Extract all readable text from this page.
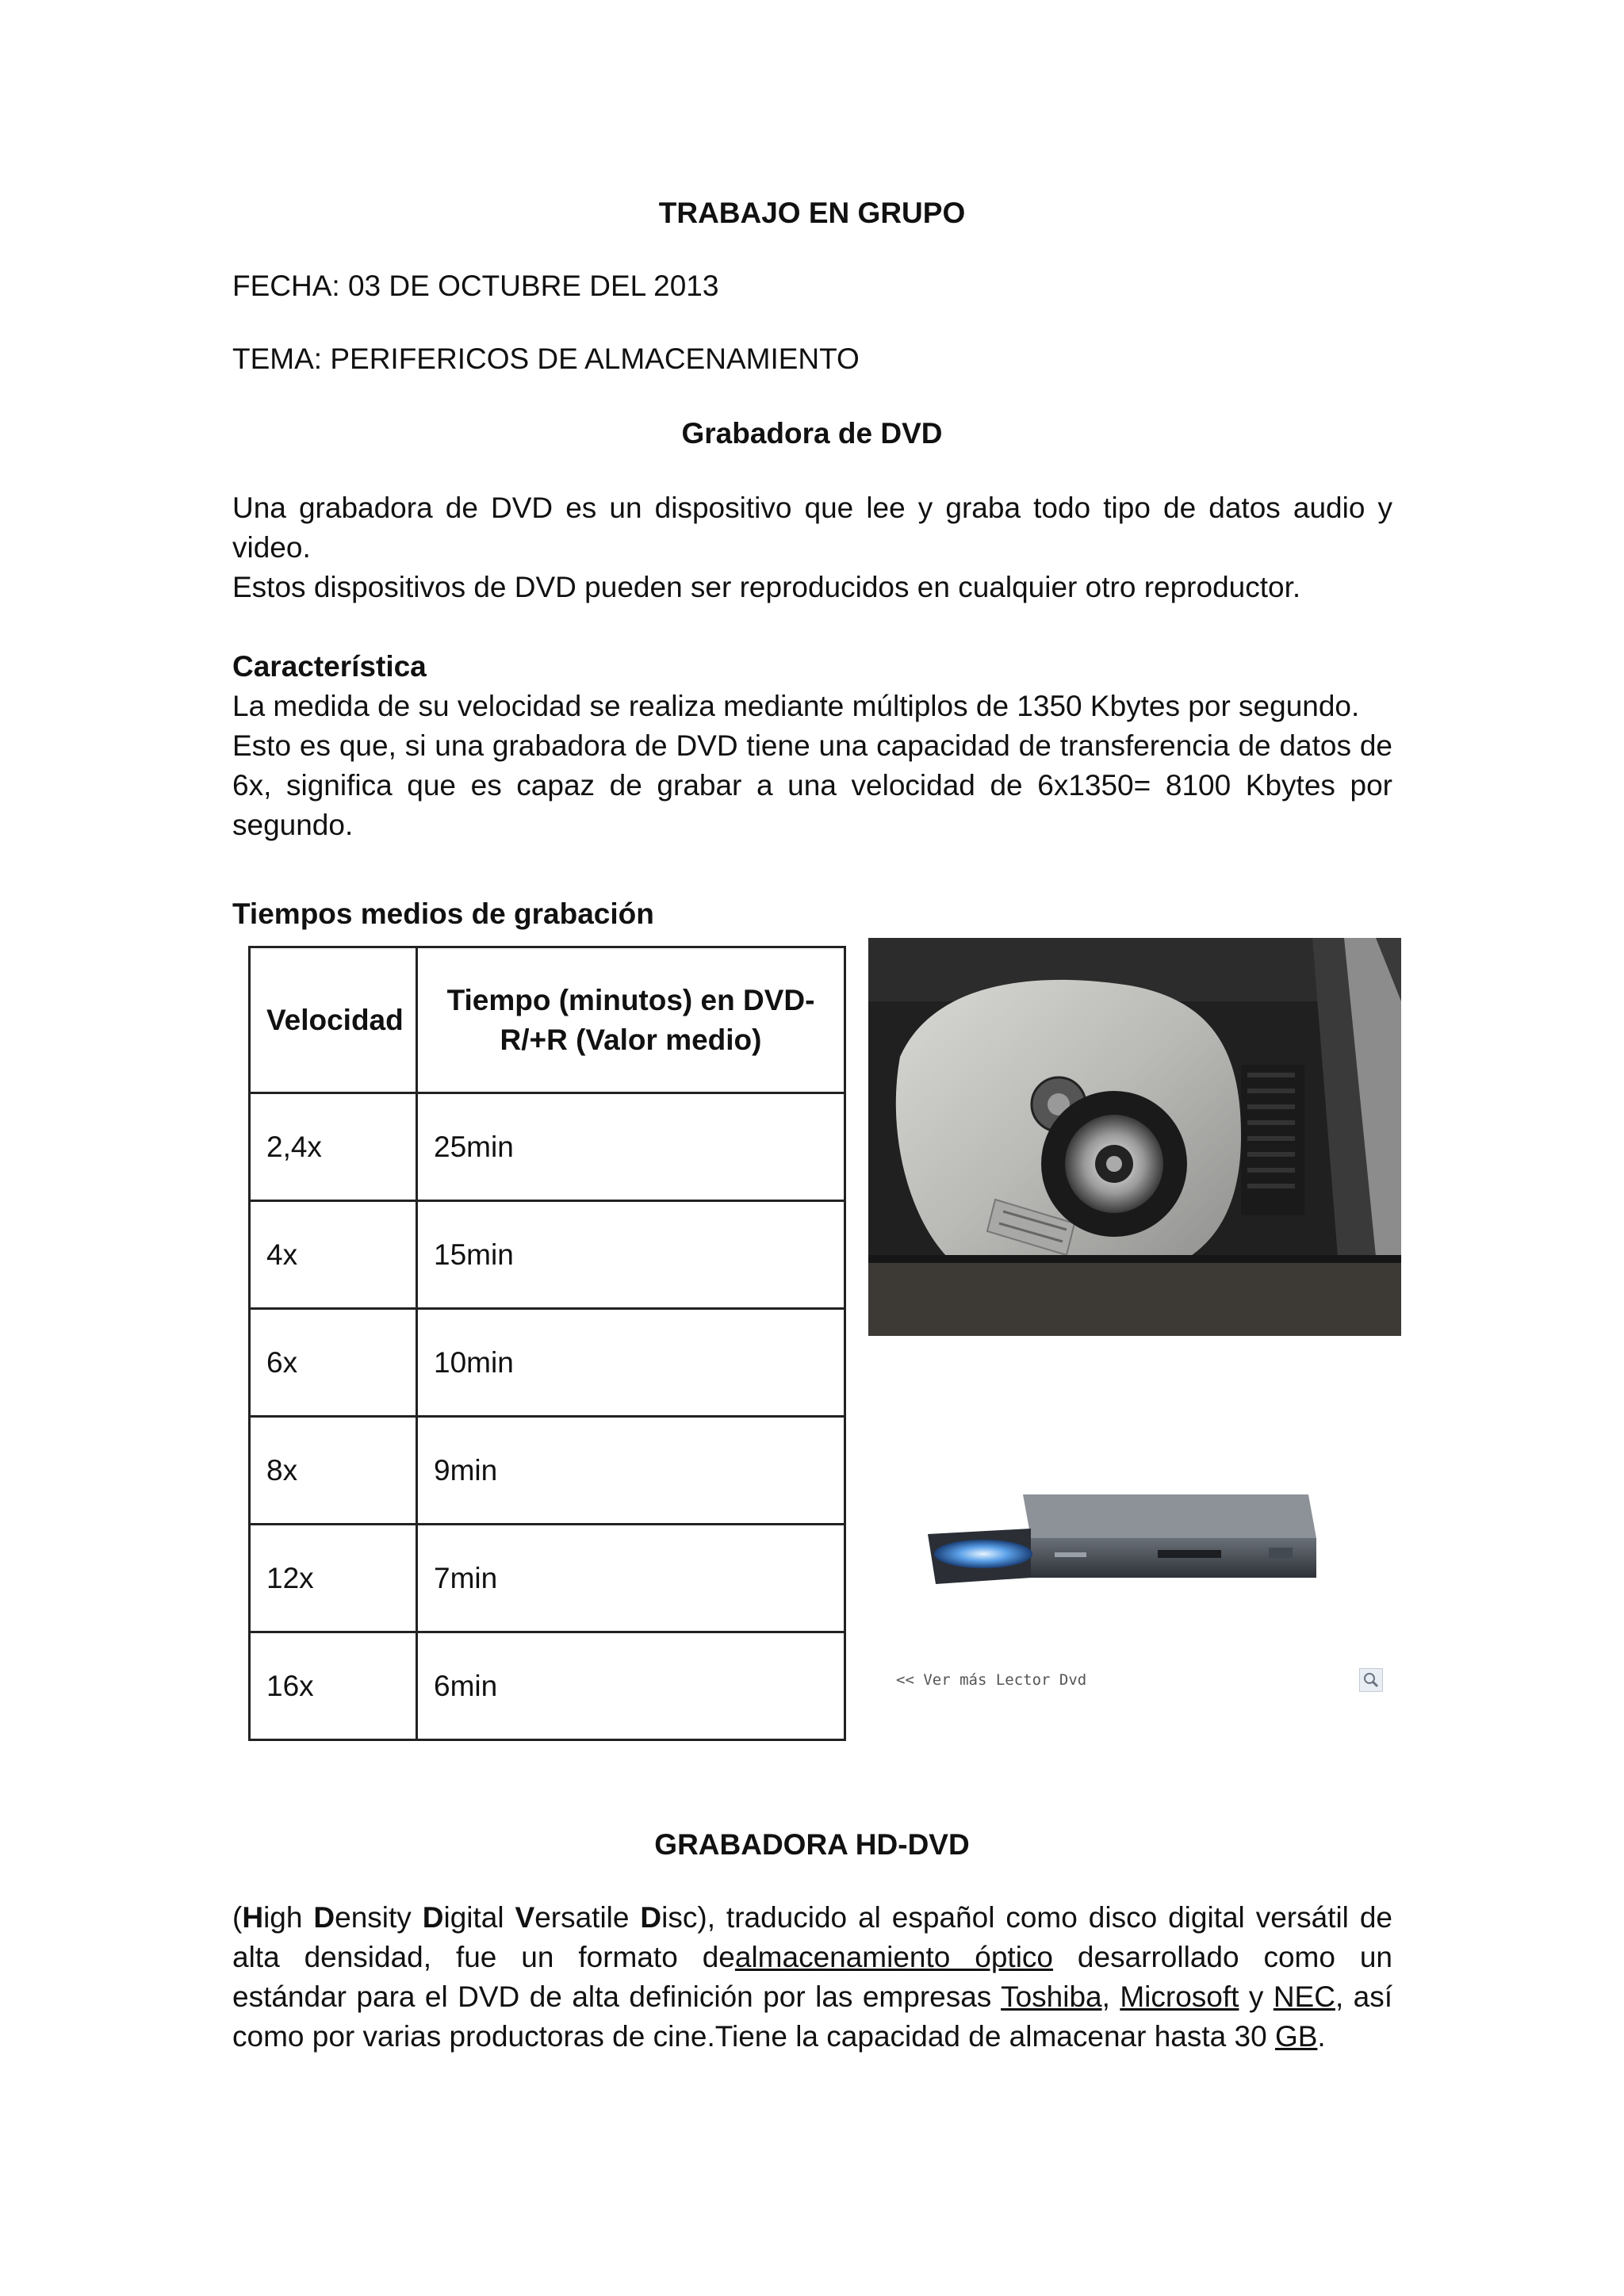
TRABAJO EN GRUPO
FECHA: 03 DE OCTUBRE DEL 2013
TEMA: PERIFERICOS DE ALMACENAMIENTO
Grabadora de DVD
Una grabadora de DVD es un dispositivo que lee y graba todo tipo de datos audio y
video.
Estos dispositivos de DVD pueden ser reproducidos en cualquier otro reproductor.
Característica
La medida de su velocidad se realiza mediante múltiplos de 1350 Kbytes por segundo.
Esto es que, si una grabadora de DVD tiene una capacidad de transferencia de datos de
6x, significa que es capaz de grabar a una velocidad de 6x1350= 8100 Kbytes por
segundo.
Tiempos medios de grabación
Velocidad	Tiempo (minutos) en DVD-R/+R (Valor medio)
2,4x	25min
4x	15min
6x	10min
8x	9min
12x	7min
16x	6min	<< Ver más Lector Dvd
GRABADORA HD-DVD
(High Density Digital Versatile Disc), traducido al español como disco digital versátil de
alta densidad, fue un formato dealmacenamiento óptico desarrollado como un
estándar para el DVD de alta definición por las empresas Toshiba, Microsoft y NEC, así
como por varias productoras de cine.Tiene la capacidad de almacenar hasta 30 GB.
